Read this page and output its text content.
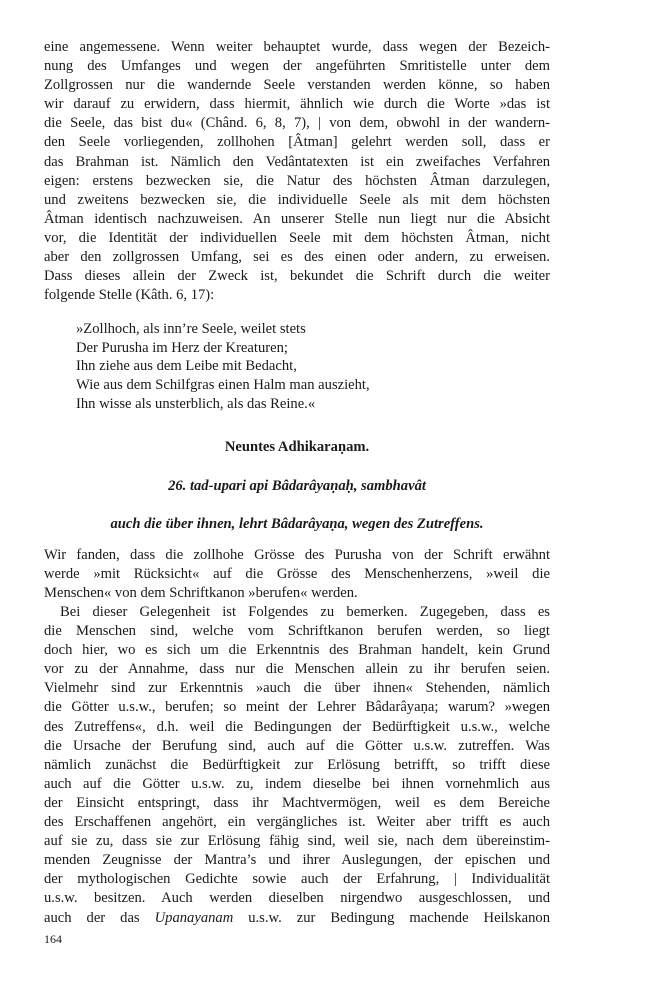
eine angemessene. Wenn weiter behauptet wurde, dass wegen der Bezeich-
nung des Umfanges und wegen der angeführten Smritistelle unter dem
Zollgrossen nur die wandernde Seele verstanden werden könne, so haben
wir darauf zu erwidern, dass hiermit, ähnlich wie durch die Worte »das ist
die Seele, das bist du« (Chând. 6, 8, 7), | von dem, obwohl in der wandern-
den Seele vorliegenden, zollhohen [Âtman] gelehrt werden soll, dass er
das Brahman ist. Nämlich den Vedântatexten ist ein zweifaches Verfahren
eigen: erstens bezwecken sie, die Natur des höchsten Âtman darzulegen,
und zweitens bezwecken sie, die individuelle Seele als mit dem höchsten
Âtman identisch nachzuweisen. An unserer Stelle nun liegt nur die Absicht
vor, die Identität der individuellen Seele mit dem höchsten Âtman, nicht
aber den zollgrossen Umfang, sei es des einen oder andern, zu erweisen.
Dass dieses allein der Zweck ist, bekundet die Schrift durch die weiter
folgende Stelle (Kâth. 6, 17):
»Zollhoch, als inn’re Seele, weilet stets
Der Purusha im Herz der Kreaturen;
Ihn ziehe aus dem Leibe mit Bedacht,
Wie aus dem Schilfgras einen Halm man auszieht,
Ihn wisse als unsterblich, als das Reine.«
Neuntes Adhikaraṇam.
26. tad-upari api Bâdarâyaṇaḥ, sambhavât
auch die über ihnen, lehrt Bâdarâyaṇa, wegen des Zutreffens.
Wir fanden, dass die zollhohe Grösse des Purusha von der Schrift erwähnt
werde »mit Rücksicht« auf die Grösse des Menschenherzens, »weil die
Menschen« von dem Schriftkanon »berufen« werden.
Bei dieser Gelegenheit ist Folgendes zu bemerken. Zugegeben, dass es
die Menschen sind, welche vom Schriftkanon berufen werden, so liegt
doch hier, wo es sich um die Erkenntnis des Brahman handelt, kein Grund
vor zu der Annahme, dass nur die Menschen allein zu ihr berufen seien.
Vielmehr sind zur Erkenntnis »auch die über ihnen« Stehenden, nämlich
die Götter u.s.w., berufen; so meint der Lehrer Bâdarâyaṇa; warum? »wegen
des Zutreffens«, d.h. weil die Bedingungen der Bedürftigkeit u.s.w., welche
die Ursache der Berufung sind, auch auf die Götter u.s.w. zutreffen. Was
nämlich zunächst die Bedürftigkeit zur Erlösung betrifft, so trifft diese
auch auf die Götter u.s.w. zu, indem dieselbe bei ihnen vornehmlich aus
der Einsicht entspringt, dass ihr Machtvermögen, weil es dem Bereiche
des Erschaffenen angehört, ein vergängliches ist. Weiter aber trifft es auch
auf sie zu, dass sie zur Erlösung fähig sind, weil sie, nach dem übereinstim-
menden Zeugnisse der Mantra’s und ihrer Auslegungen, der epischen und
der mythologischen Gedichte sowie auch der Erfahrung, | Individualität
u.s.w. besitzen. Auch werden dieselben nirgendwo ausgeschlossen, und
auch der das Upanayanam u.s.w. zur Bedingung machende Heilskanon
164
